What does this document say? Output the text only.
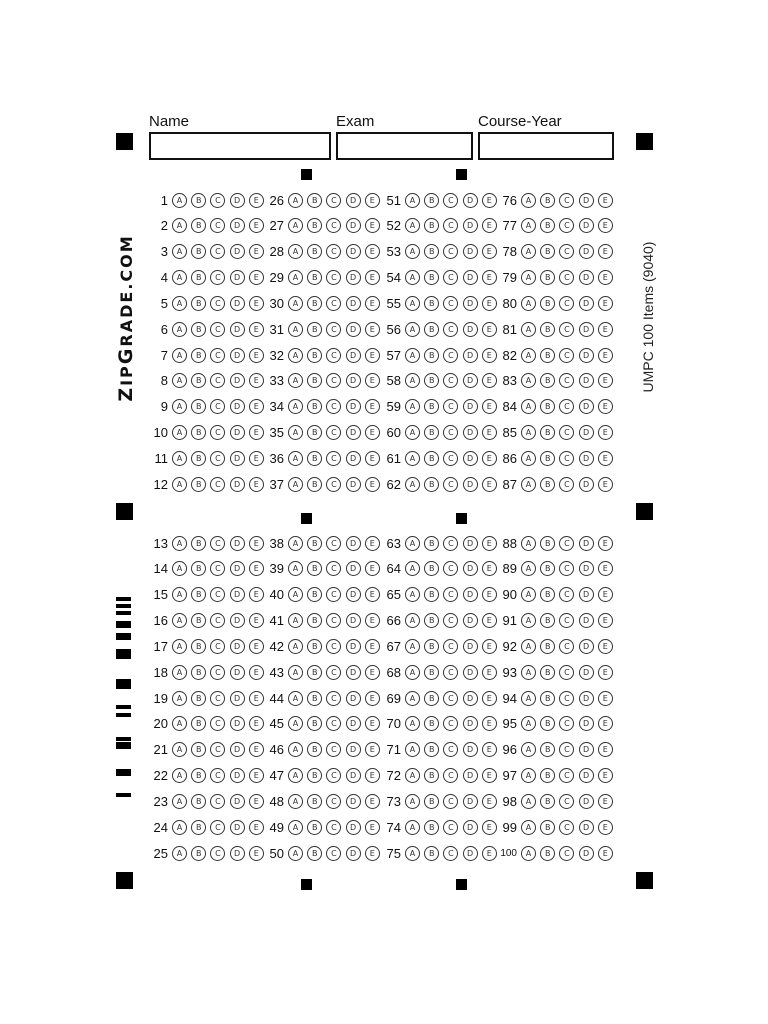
Name	Exam	Course-Year
ZIPGRADE.COM	UMPC 100 Items (9040)
1	A	B	C	D	E
2	A	B	C	D	E
3	A	B	C	D	E
4	A	B	C	D	E
5	A	B	C	D	E
6	A	B	C	D	E
7	A	B	C	D	E
8	A	B	C	D	E
9	A	B	C	D	E
10	A	B	C	D	E
11	A	B	C	D	E
12	A	B	C	D	E
13	A	B	C	D	E
14	A	B	C	D	E
15	A	B	C	D	E
16	A	B	C	D	E
17	A	B	C	D	E
18	A	B	C	D	E
19	A	B	C	D	E
20	A	B	C	D	E
21	A	B	C	D	E
22	A	B	C	D	E
23	A	B	C	D	E
24	A	B	C	D	E
25	A	B	C	D	E
26	A	B	C	D	E
27	A	B	C	D	E
28	A	B	C	D	E
29	A	B	C	D	E
30	A	B	C	D	E
31	A	B	C	D	E
32	A	B	C	D	E
33	A	B	C	D	E
34	A	B	C	D	E
35	A	B	C	D	E
36	A	B	C	D	E
37	A	B	C	D	E
38	A	B	C	D	E
39	A	B	C	D	E
40	A	B	C	D	E
41	A	B	C	D	E
42	A	B	C	D	E
43	A	B	C	D	E
44	A	B	C	D	E
45	A	B	C	D	E
46	A	B	C	D	E
47	A	B	C	D	E
48	A	B	C	D	E
49	A	B	C	D	E
50	A	B	C	D	E
51	A	B	C	D	E
52	A	B	C	D	E
53	A	B	C	D	E
54	A	B	C	D	E
55	A	B	C	D	E
56	A	B	C	D	E
57	A	B	C	D	E
58	A	B	C	D	E
59	A	B	C	D	E
60	A	B	C	D	E
61	A	B	C	D	E
62	A	B	C	D	E
63	A	B	C	D	E
64	A	B	C	D	E
65	A	B	C	D	E
66	A	B	C	D	E
67	A	B	C	D	E
68	A	B	C	D	E
69	A	B	C	D	E
70	A	B	C	D	E
71	A	B	C	D	E
72	A	B	C	D	E
73	A	B	C	D	E
74	A	B	C	D	E
75	A	B	C	D	E
76	A	B	C	D	E
77	A	B	C	D	E
78	A	B	C	D	E
79	A	B	C	D	E
80	A	B	C	D	E
81	A	B	C	D	E
82	A	B	C	D	E
83	A	B	C	D	E
84	A	B	C	D	E
85	A	B	C	D	E
86	A	B	C	D	E
87	A	B	C	D	E
88	A	B	C	D	E
89	A	B	C	D	E
90	A	B	C	D	E
91	A	B	C	D	E
92	A	B	C	D	E
93	A	B	C	D	E
94	A	B	C	D	E
95	A	B	C	D	E
96	A	B	C	D	E
97	A	B	C	D	E
98	A	B	C	D	E
99	A	B	C	D	E
100	A	B	C	D	E
